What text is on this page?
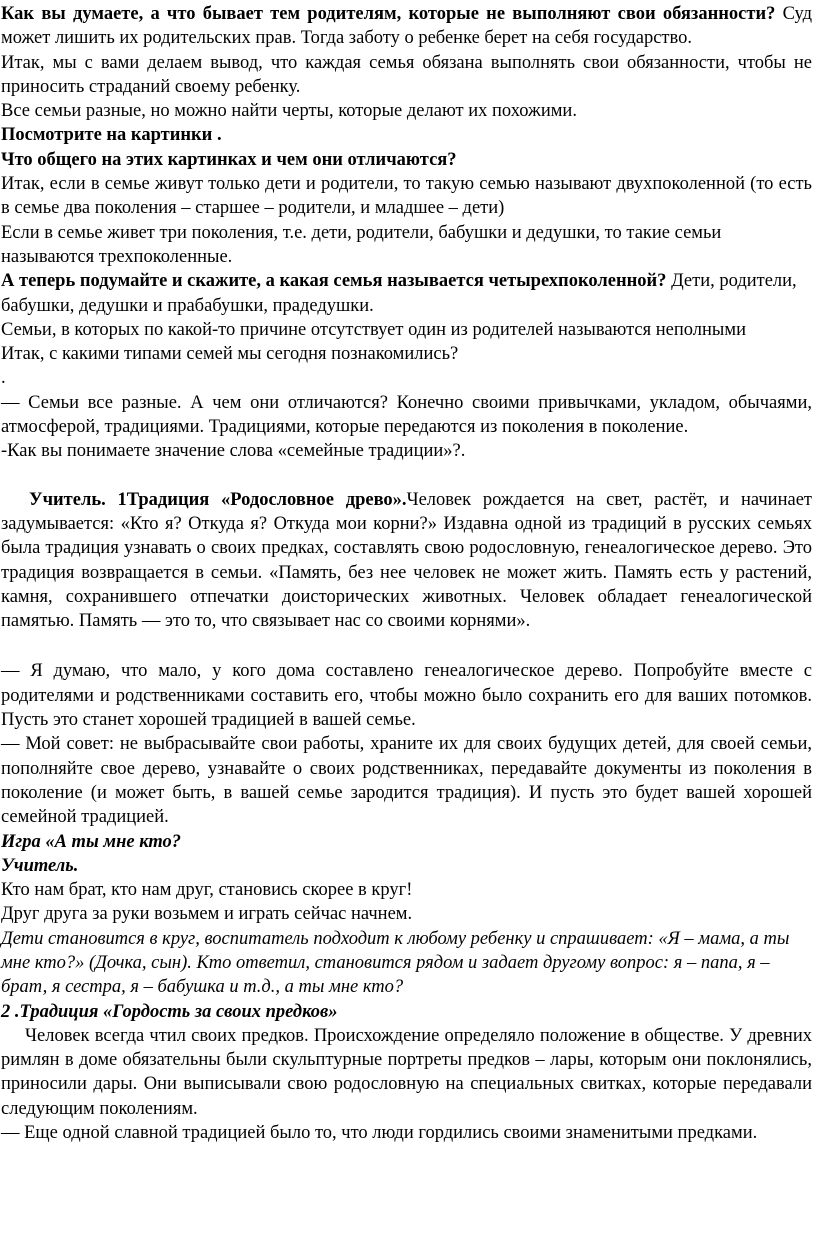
Как вы думаете, а что бывает тем родителям, которые не выполняют свои обязанности? Суд может лишить их родительских прав. Тогда заботу о ребенке берет на себя государство.

Итак, мы с вами делаем вывод, что каждая семья обязана выполнять свои обязанности, чтобы не приносить страданий своему ребенку.

Все семьи разные, но можно найти черты, которые делают их похожими.

Посмотрите на картинки .

Что общего на этих картинках и чем они отличаются?

Итак, если в семье живут только дети и родители, то такую семью называют двухпоколенной (то есть в семье два поколения – старшее – родители, и младшее – дети)

Если в семье живет три поколения, т.е. дети, родители, бабушки и дедушки, то такие семьи называются трехпоколенные.

А теперь подумайте и скажите, а какая семья называется четырехпоколенной? Дети, родители, бабушки, дедушки и прабабушки, прадедушки.

Семьи, в которых по какой-то причине отсутствует один из родителей называются неполными

Итак, с какими типами семей мы сегодня познакомились?

.

— Семьи все разные. А чем они отличаются? Конечно своими привычками, укладом, обычаями, атмосферой, традициями. Традициями, которые передаются из поколения в поколение.

-Как вы понимаете значение слова «семейные традиции»?.

Учитель. 1Традиция «Родословное древо».Человек рождается на свет, растёт, и начинает задумывается: «Кто я? Откуда я? Откуда мои корни?» Издавна одной из традиций в русских семьях была традиция узнавать о своих предках, составлять свою родословную, генеалогическое дерево. Это традиция возвращается в семьи. «Память, без нее человек не может жить. Память есть у растений, камня, сохранившего отпечатки доисторических животных. Человек обладает генеалогической памятью. Память — это то, что связывает нас со своими корнями».

— Я думаю, что мало, у кого дома составлено генеалогическое дерево. Попробуйте вместе с родителями и родственниками составить его, чтобы можно было сохранить его для ваших потомков. Пусть это станет хорошей традицией в вашей семье.

— Мой совет: не выбрасывайте свои работы, храните их для своих будущих детей, для своей семьи, пополняйте свое дерево, узнавайте о своих родственниках, передавайте документы из поколения в поколение (и может быть, в вашей семье зародится традиция). И пусть это будет вашей хорошей семейной традицией.

Игра «А ты мне кто?

Учитель.

Кто нам брат, кто нам друг, становись скорее в круг!

Друг друга за руки возьмем и играть сейчас начнем.

Дети становится в круг, воспитатель подходит к любому ребенку и спрашивает: «Я – мама, а ты мне кто?» (Дочка, сын). Кто ответил, становится рядом и задает другому вопрос: я – папа, я – брат, я сестра, я – бабушка и т.д., а ты мне кто?

2 .Традиция «Гордость за своих предков»

Человек всегда чтил своих предков. Происхождение определяло положение в обществе. У древних римлян в доме обязательны были скульптурные портреты предков – лары, которым они поклонялись, приносили дары. Они выписывали свою родословную на специальных свитках, которые передавали следующим поколениям.

— Еще одной славной традицией было то, что люди гордились своими знаменитыми предками.
